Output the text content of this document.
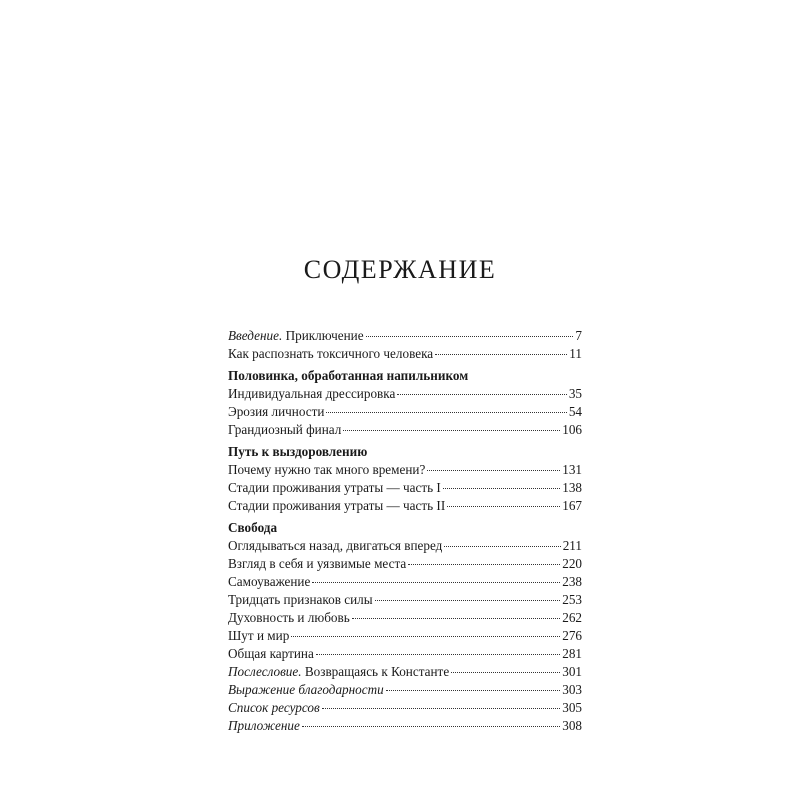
СОДЕРЖАНИЕ
Введение. Приключение	7
Как распознать токсичного человека	11
Половинка, обработанная напильником
Индивидуальная дрессировка	35
Эрозия личности	54
Грандиозный финал	106
Путь к выздоровлению
Почему нужно так много времени?	131
Стадии проживания утраты — часть I	138
Стадии проживания утраты — часть II	167
Свобода
Оглядываться назад, двигаться вперед	211
Взгляд в себя и уязвимые места	220
Самоуважение	238
Тридцать признаков силы	253
Духовность и любовь	262
Шут и мир	276
Общая картина	281
Послесловие. Возвращаясь к Константе	301
Выражение благодарности	303
Список ресурсов	305
Приложение	308
